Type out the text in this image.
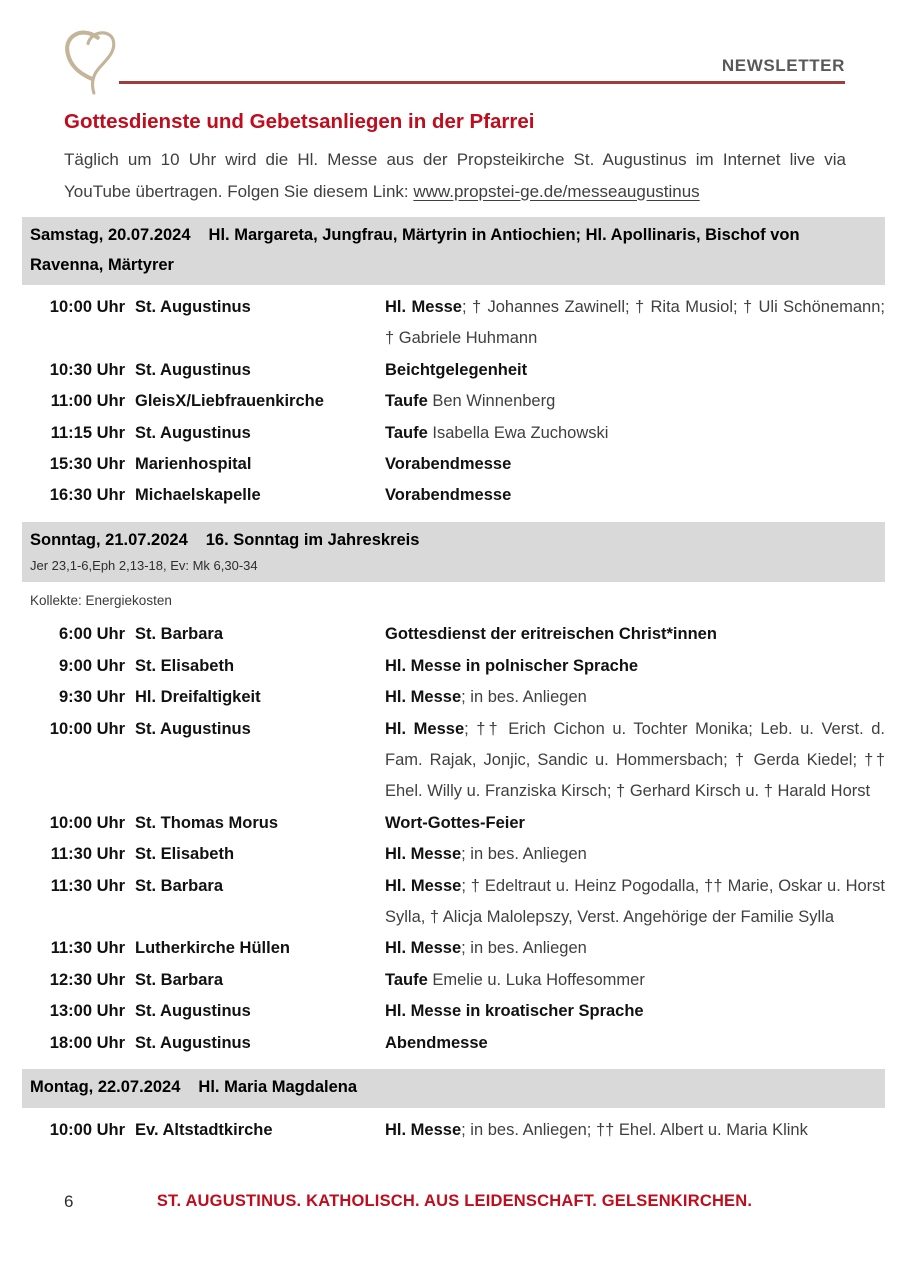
NEWSLETTER
Gottesdienste und Gebetsanliegen in der Pfarrei

Täglich um 10 Uhr wird die Hl. Messe aus der Propsteikirche St. Augustinus im Internet live via YouTube übertragen. Folgen Sie diesem Link: www.propstei-ge.de/messeaugustinus

Samstag, 20.07.2024 Hl. Margareta, Jungfrau, Märtyrin in Antiochien; Hl. Apollinaris, Bischof von Ravenna, Märtyrer
10:00 Uhr St. Augustinus	Hl. Messe; † Johannes Zawinell; † Rita Musiol; † Uli Schönemann; † Gabriele Huhmann
10:30 Uhr St. Augustinus	Beichtgelegenheit
11:00 Uhr GleisX/Liebfrauenkirche	Taufe Ben Winnenberg
11:15 Uhr St. Augustinus	Taufe Isabella Ewa Zuchowski
15:30 Uhr Marienhospital	Vorabendmesse
16:30 Uhr Michaelskapelle	Vorabendmesse
Sonntag, 21.07.2024 16. Sonntag im Jahreskreis
Jer 23,1-6,Eph 2,13-18, Ev: Mk 6,30-34
Kollekte: Energiekosten
6:00 Uhr St. Barbara	Gottesdienst der eritreischen Christ*innen
9:00 Uhr St. Elisabeth	Hl. Messe in polnischer Sprache
9:30 Uhr Hl. Dreifaltigkeit	Hl. Messe; in bes. Anliegen
10:00 Uhr St. Augustinus	Hl. Messe; †† Erich Cichon u. Tochter Monika; Leb. u. Verst. d. Fam. Rajak, Jonjic, Sandic u. Hommersbach; † Gerda Kiedel; †† Ehel. Willy u. Franziska Kirsch; † Gerhard Kirsch u. † Harald Horst
10:00 Uhr St. Thomas Morus	Wort-Gottes-Feier
11:30 Uhr St. Elisabeth	Hl. Messe; in bes. Anliegen
11:30 Uhr St. Barbara	Hl. Messe; † Edeltraut u. Heinz Pogodalla, †† Marie, Oskar u. Horst Sylla, † Alicja Malolepszy, Verst. Angehörige der Familie Sylla
11:30 Uhr Lutherkirche Hüllen	Hl. Messe; in bes. Anliegen
12:30 Uhr St. Barbara	Taufe Emelie u. Luka Hoffesommer
13:00 Uhr St. Augustinus	Hl. Messe in kroatischer Sprache
18:00 Uhr St. Augustinus	Abendmesse
Montag, 22.07.2024 Hl. Maria Magdalena
10:00 Uhr Ev. Altstadtkirche	Hl. Messe; in bes. Anliegen; †† Ehel. Albert u. Maria Klink
6	ST. AUGUSTINUS. KATHOLISCH. AUS LEIDENSCHAFT. GELSENKIRCHEN.
